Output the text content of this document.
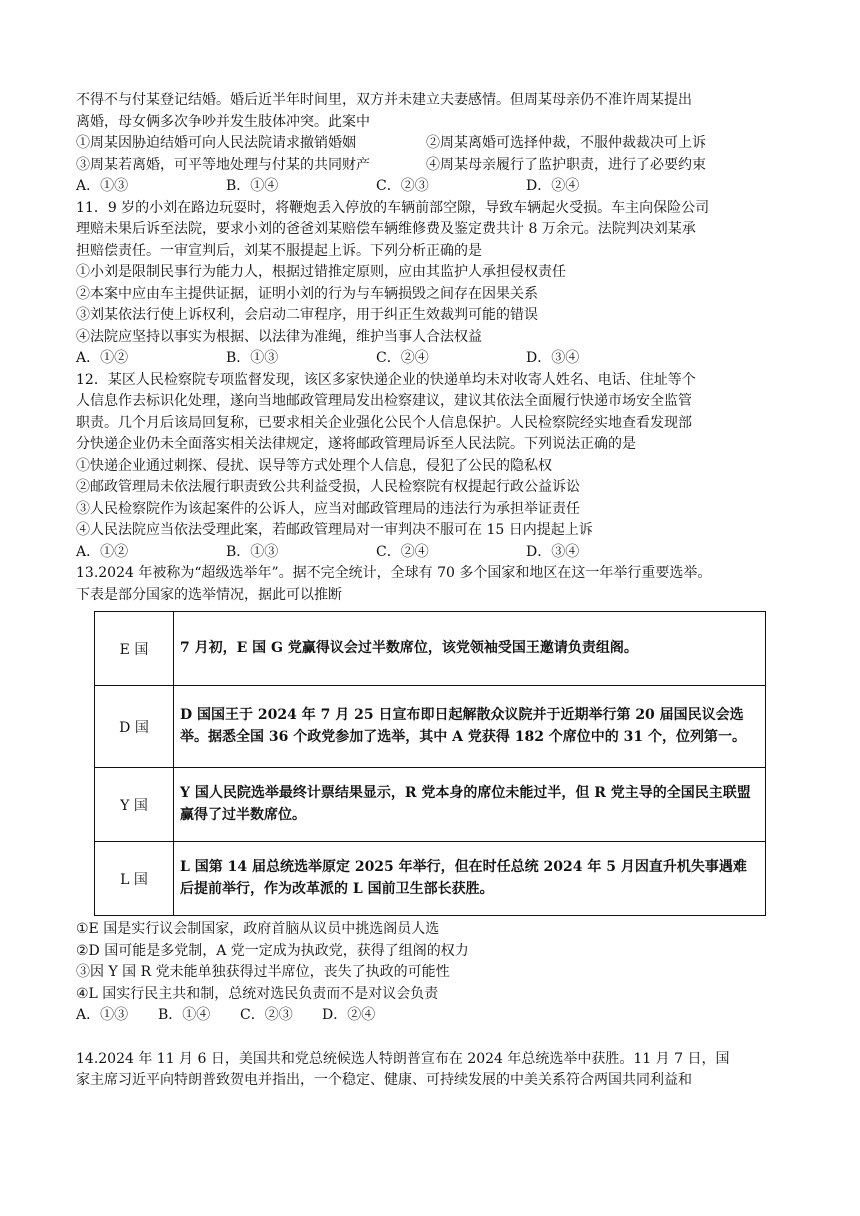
不得不与付某登记结婚。婚后近半年时间里，双方并未建立夫妻感情。但周某母亲仍不准许周某提出
离婚，母女俩多次争吵并发生肢体冲突。此案中
①周某因胁迫结婚可向人民法院请求撤销婚姻	②周某离婚可选择仲裁，不服仲裁裁决可上诉
③周某若离婚，可平等地处理与付某的共同财产	④周某母亲履行了监护职责，进行了必要约束
A．①③	B．①④	C．②③	D．②④
11．9 岁的小刘在路边玩耍时，将鞭炮丢入停放的车辆前部空隙，导致车辆起火受损。车主向保险公司
理赔未果后诉至法院，要求小刘的爸爸刘某赔偿车辆维修费及鉴定费共计 8 万余元。法院判决刘某承
担赔偿责任。一审宣判后，刘某不服提起上诉。下列分析正确的是
①小刘是限制民事行为能力人，根据过错推定原则，应由其监护人承担侵权责任
②本案中应由车主提供证据，证明小刘的行为与车辆损毁之间存在因果关系
③刘某依法行使上诉权利，会启动二审程序，用于纠正生效裁判可能的错误
④法院应坚持以事实为根据、以法律为准绳，维护当事人合法权益
A．①②	B．①③	C．②④	D．③④
12．某区人民检察院专项监督发现，该区多家快递企业的快递单均未对收寄人姓名、电话、住址等个
人信息作去标识化处理，遂向当地邮政管理局发出检察建议，建议其依法全面履行快递市场安全监管
职责。几个月后该局回复称，已要求相关企业强化公民个人信息保护。人民检察院经实地查看发现部
分快递企业仍未全面落实相关法律规定，遂将邮政管理局诉至人民法院。下列说法正确的是
①快递企业通过刺探、侵扰、误导等方式处理个人信息，侵犯了公民的隐私权
②邮政管理局未依法履行职责致公共利益受损，人民检察院有权提起行政公益诉讼
③人民检察院作为该起案件的公诉人，应当对邮政管理局的违法行为承担举证责任
④人民法院应当依法受理此案，若邮政管理局对一审判决不服可在 15 日内提起上诉
A．①②	B．①③	C．②④	D．③④
13.2024 年被称为“超级选举年”。据不完全统计，全球有 70 多个国家和地区在这一年举行重要选举。
下表是部分国家的选举情况，据此可以推断
E 国	7 月初，E 国 G 党赢得议会过半数席位，该党领袖受国王邀请负责组阁。
D 国	D 国国王于 2024 年 7 月 25 日宣布即日起解散众议院并于近期举行第 20 届国民议会选举。据悉全国 36 个政党参加了选举，其中 A 党获得 182 个席位中的 31 个，位列第一。
Y 国	Y 国人民院选举最终计票结果显示，R 党本身的席位未能过半，但 R 党主导的全国民主联盟赢得了过半数席位。
L 国	L 国第 14 届总统选举原定 2025 年举行，但在时任总统 2024 年 5 月因直升机失事遇难后提前举行，作为改革派的 L 国前卫生部长获胜。
①E 国是实行议会制国家，政府首脑从议员中挑选阁员人选
②D 国可能是多党制，A 党一定成为执政党，获得了组阁的权力
③因 Y 国 R 党未能单独获得过半席位，丧失了执政的可能性
④L 国实行民主共和制，总统对选民负责而不是对议会负责
A．①③	B．①④	C．②③	D．②④
14.2024 年 11 月 6 日，美国共和党总统候选人特朗普宣布在 2024 年总统选举中获胜。11 月 7 日，国
家主席习近平向特朗普致贺电并指出，一个稳定、健康、可持续发展的中美关系符合两国共同利益和
